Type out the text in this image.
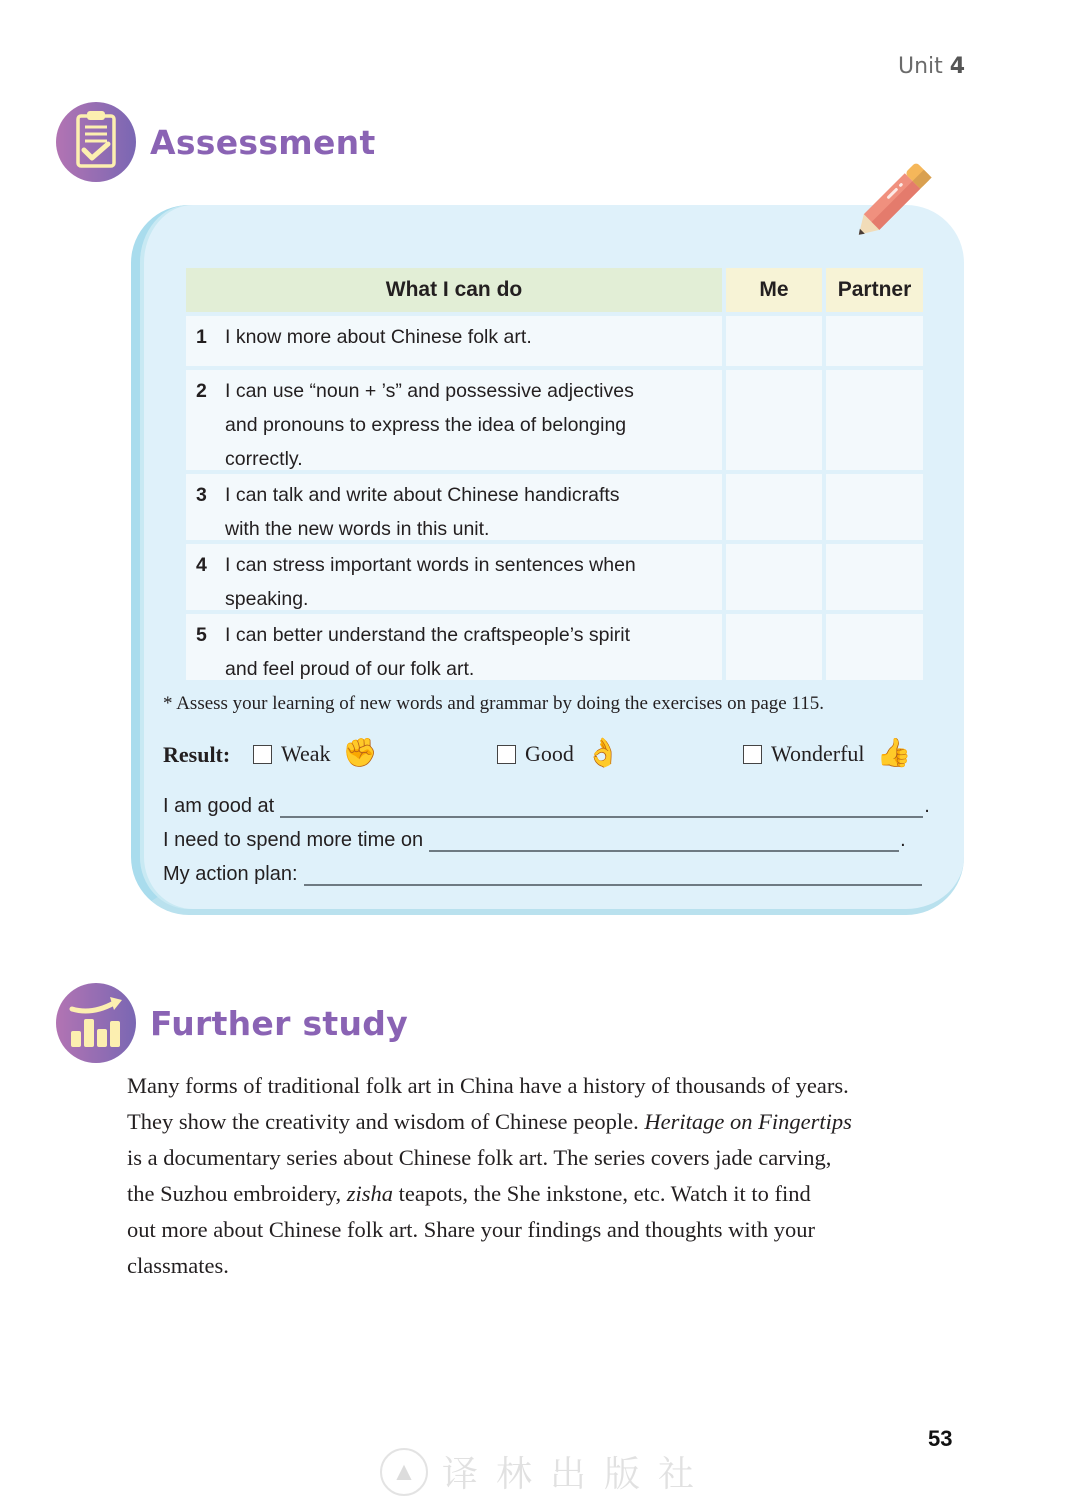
Unit 4
Assessment
What I can do	Me	Partner
1 I know more about Chinese folk art.
2 I can use “noun + ’s” and possessive adjectives
and pronouns to express the idea of belonging
correctly.
3 I can talk and write about Chinese handicrafts
with the new words in this unit.
4 I can stress important words in sentences when
speaking.
5 I can better understand the craftspeople’s spirit
and feel proud of our folk art.
* Assess your learning of new words and grammar by doing the exercises on page 115.
Result: Weak ✊	Good 👌	Wonderful 👍
I am good at	.
I need to spend more time on	.
My action plan:
Further study

Many forms of traditional folk art in China have a history of thousands of years.

They show the creativity and wisdom of Chinese people. Heritage on Fingertips

is a documentary series about Chinese folk art. The series covers jade carving,

the Suzhou embroidery, zisha teapots, the She inkstone, etc. Watch it to find

out more about Chinese folk art. Share your findings and thoughts with your

classmates.

53
▲ 译林出版社
